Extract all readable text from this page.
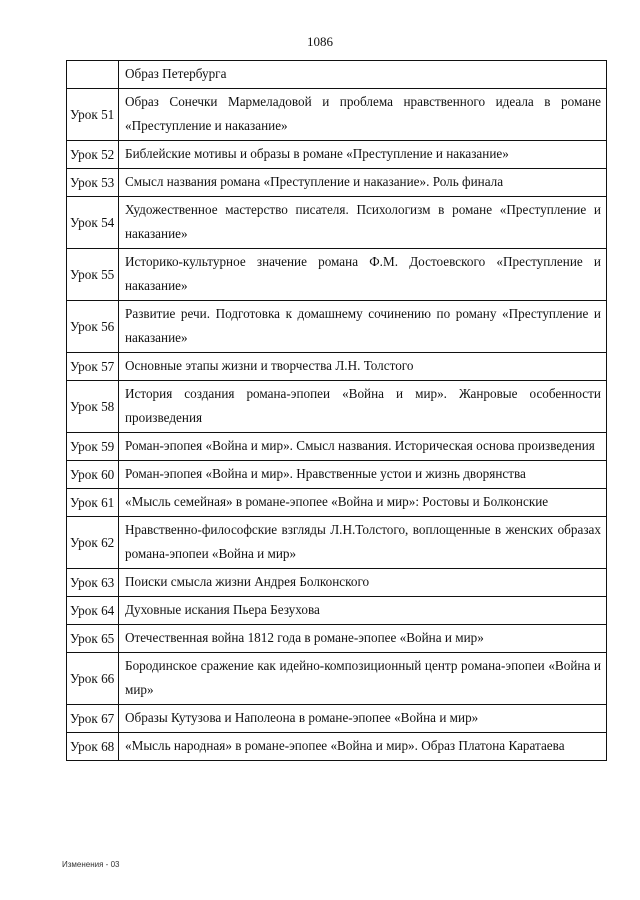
1086
	Образ Петербурга
Урок 51	Образ Сонечки Мармеладовой и проблема нравственного идеала в романе «Преступление и наказание»
Урок 52	Библейские мотивы и образы в романе «Преступление и наказание»
Урок 53	Смысл названия романа «Преступление и наказание». Роль финала
Урок 54	Художественное мастерство писателя. Психологизм в романе «Преступление и наказание»
Урок 55	Историко-культурное значение романа Ф.М. Достоевского «Преступление и наказание»
Урок 56	Развитие речи. Подготовка к домашнему сочинению по роману «Преступление и наказание»
Урок 57	Основные этапы жизни и творчества Л.Н. Толстого
Урок 58	История создания романа-эпопеи «Война и мир». Жанровые особенности произведения
Урок 59	Роман-эпопея «Война и мир». Смысл названия. Историческая основа произведения
Урок 60	Роман-эпопея «Война и мир». Нравственные устои и жизнь дворянства
Урок 61	«Мысль семейная» в романе-эпопее «Война и мир»: Ростовы и Болконские
Урок 62	Нравственно-философские взгляды Л.Н.Толстого, воплощенные в женских образах романа-эпопеи «Война и мир»
Урок 63	Поиски смысла жизни Андрея Болконского
Урок 64	Духовные искания Пьера Безухова
Урок 65	Отечественная война 1812 года в романе-эпопее «Война и мир»
Урок 66	Бородинское сражение как идейно-композиционный центр романа-эпопеи «Война и мир»
Урок 67	Образы Кутузова и Наполеона в романе-эпопее «Война и мир»
Урок 68	«Мысль народная» в романе-эпопее «Война и мир». Образ Платона Каратаева
Изменения - 03
